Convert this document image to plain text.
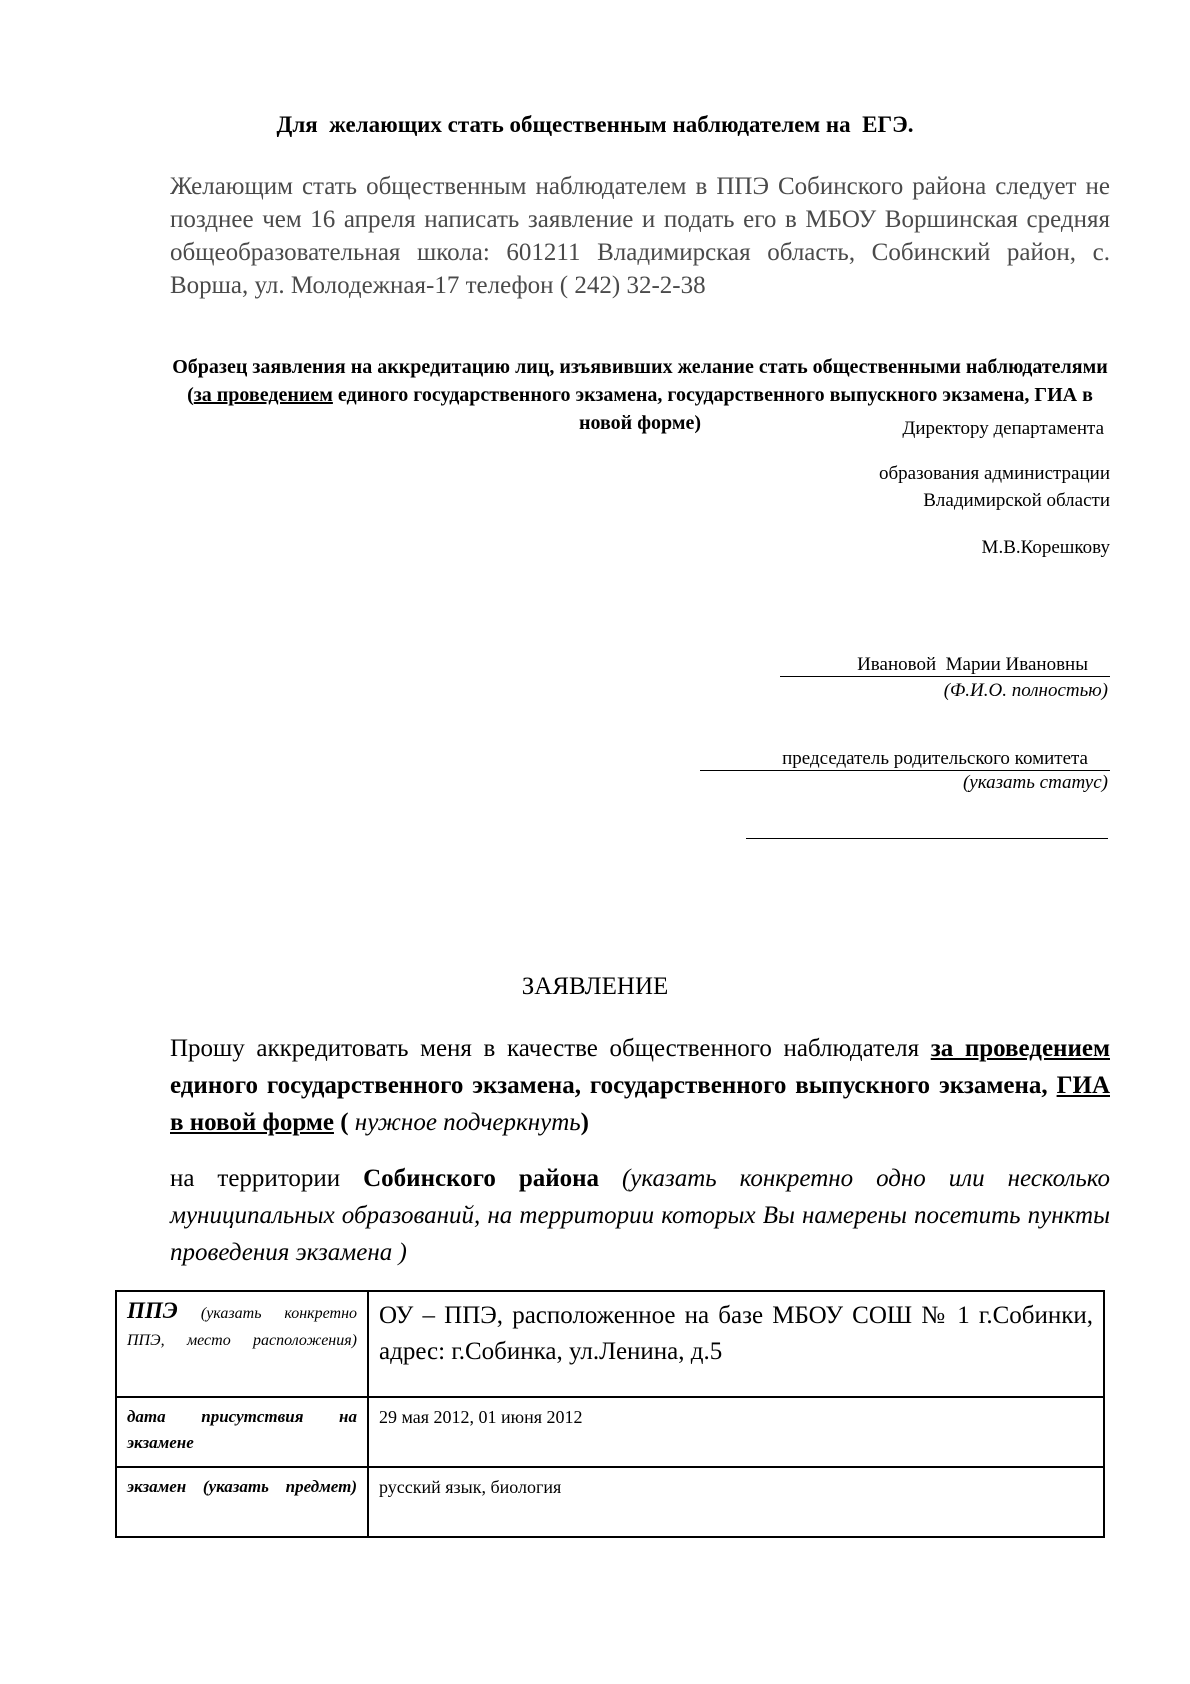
Для  желающих стать общественным наблюдателем на  ЕГЭ.
Желающим стать общественным наблюдателем в ППЭ Собинского района следует не позднее чем 16 апреля написать заявление и подать его в МБОУ Воршинская средняя общеобразовательная школа: 601211 Владимирская область, Собинский район, с. Ворша, ул. Молодежная-17 телефон ( 242) 32-2-38
Образец заявления на аккредитацию лиц, изъявивших желание стать общественными наблюдателями (за проведением единого государственного экзамена, государственного выпускного экзамена, ГИА в новой форме)	Директору департамента
образования администрации
Владимирской области
М.В.Корешкову

Ивановой  Марии Ивановны

(Ф.И.О. полностью)

председатель родительского комитета

(указать статус)
ЗАЯВЛЕНИЕ
Прошу аккредитовать меня в качестве общественного наблюдателя за проведением единого государственного экзамена, государственного выпускного экзамена, ГИА в новой форме ( нужное подчеркнуть)
на территории Собинского района (указать конкретно одно или несколько муниципальных образований, на территории которых Вы намерены посетить пункты проведения экзамена )
ППЭ (указать конкретно ППЭ, место расположения)	ОУ – ППЭ, расположенное на базе МБОУ СОШ № 1 г.Собинки, адрес: г.Собинка, ул.Ленина, д.5
дата присутствия на экзамене	29 мая 2012, 01 июня 2012
экзамен (указать предмет)	русский язык, биология
